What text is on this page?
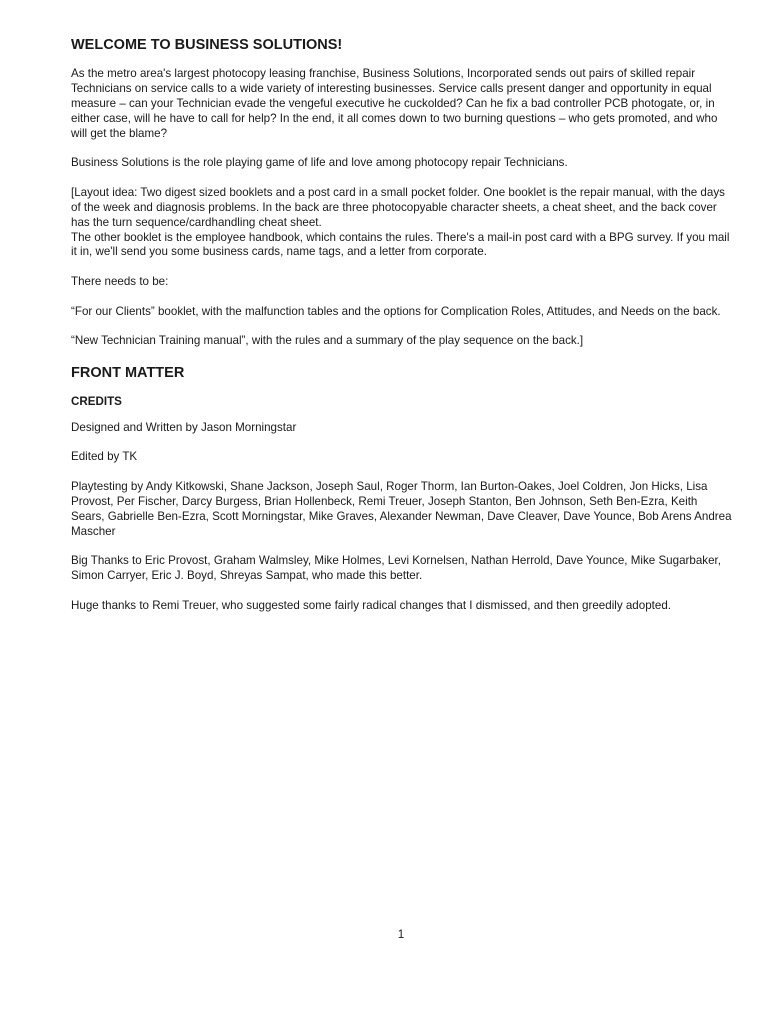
WELCOME TO BUSINESS SOLUTIONS!

As the metro area's largest photocopy leasing franchise, Business Solutions, Incorporated sends out pairs of skilled repair Technicians on service calls to a wide variety of interesting businesses. Service calls present danger and opportunity in equal measure – can your Technician evade the vengeful executive he cuckolded? Can he fix a bad controller PCB photogate, or, in either case, will he have to call for help? In the end, it all comes down to two burning questions – who gets promoted, and who will get the blame?

Business Solutions is the role playing game of life and love among photocopy repair Technicians.

[Layout idea: Two digest sized booklets and a post card in a small pocket folder. One booklet is the repair manual, with the days of the week and diagnosis problems. In the back are three photocopyable character sheets, a cheat sheet, and the back cover has the turn sequence/cardhandling cheat sheet.

The other booklet is the employee handbook, which contains the rules. There's a mail-in post card with a BPG survey. If you mail it in, we'll send you some business cards, name tags, and a letter from corporate.

There needs to be:

“For our Clients” booklet, with the malfunction tables and the options for Complication Roles, Attitudes, and Needs on the back.

“New Technician Training manual”, with the rules and a summary of the play sequence on the back.]

FRONT MATTER
CREDITS

Designed and Written by Jason Morningstar

Edited by TK

Playtesting by Andy Kitkowski, Shane Jackson, Joseph Saul, Roger Thorm, Ian Burton-Oakes, Joel Coldren, Jon Hicks, Lisa Provost, Per Fischer, Darcy Burgess, Brian Hollenbeck, Remi Treuer, Joseph Stanton, Ben Johnson, Seth Ben-Ezra, Keith Sears, Gabrielle Ben-Ezra, Scott Morningstar, Mike Graves, Alexander Newman, Dave Cleaver, Dave Younce, Bob Arens Andrea Mascher

Big Thanks to Eric Provost, Graham Walmsley, Mike Holmes, Levi Kornelsen, Nathan Herrold, Dave Younce, Mike Sugarbaker, Simon Carryer, Eric J. Boyd, Shreyas Sampat, who made this better.

Huge thanks to Remi Treuer, who suggested some fairly radical changes that I dismissed, and then greedily adopted.

1
